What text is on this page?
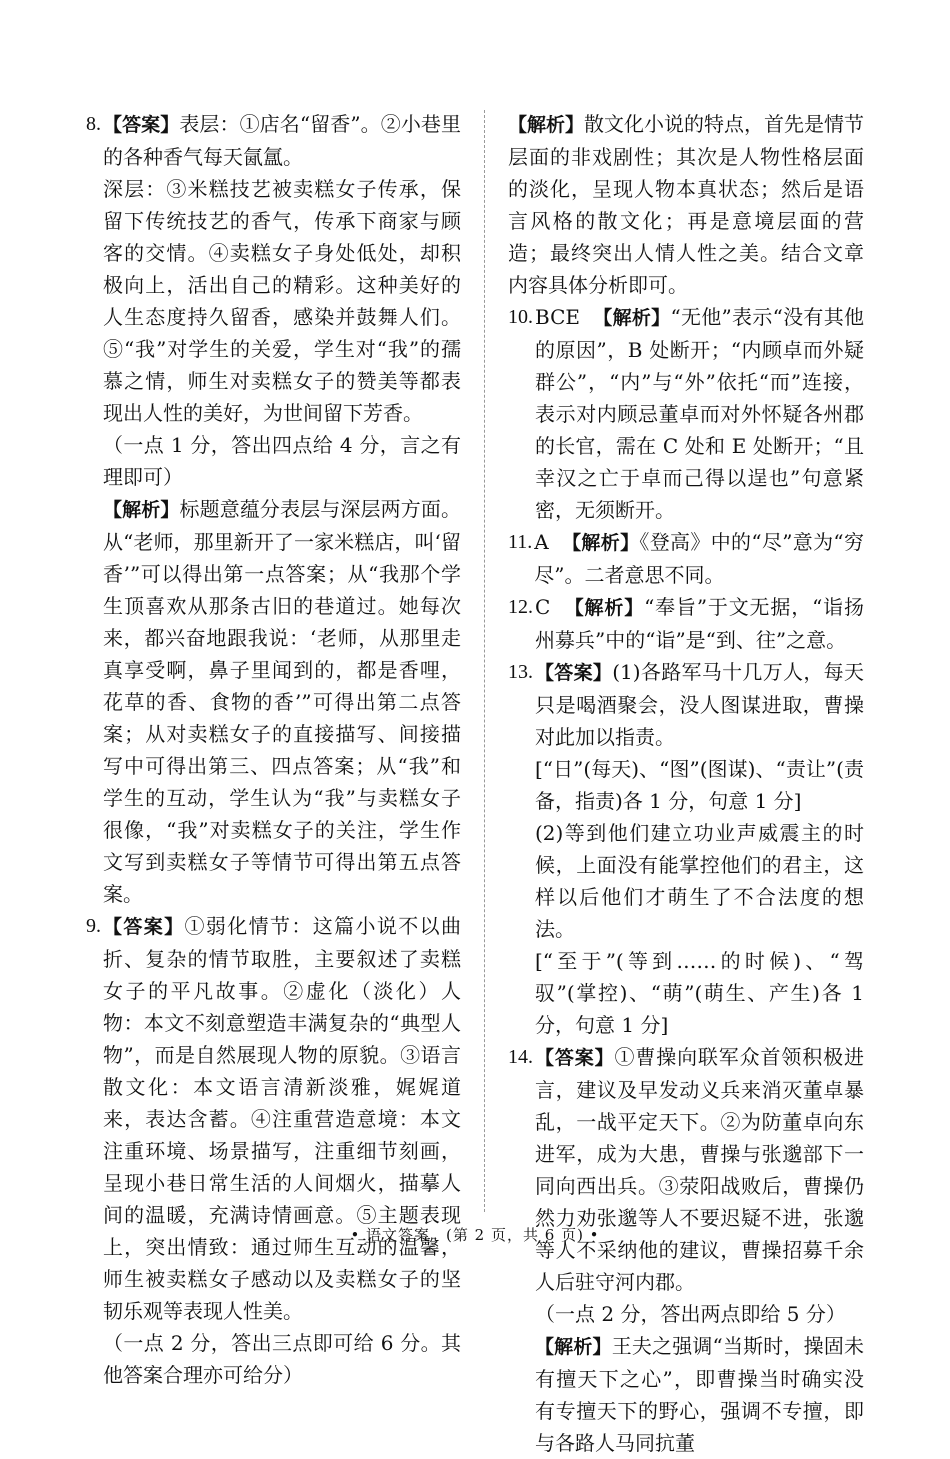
8. 【答案】表层：①店名“留香”。②小巷里的各种香气每天氤氲。

深层：③米糕技艺被卖糕女子传承，保留下传统技艺的香气，传承下商家与顾客的交情。④卖糕女子身处低处，却积极向上，活出自己的精彩。这种美好的人生态度持久留香，感染并鼓舞人们。⑤“我”对学生的关爱，学生对“我”的孺慕之情，师生对卖糕女子的赞美等都表现出人性的美好，为世间留下芳香。

（一点 1 分，答出四点给 4 分，言之有理即可）

【解析】标题意蕴分表层与深层两方面。从“老师，那里新开了一家米糕店，叫‘留香’”可以得出第一点答案；从“我那个学生顶喜欢从那条古旧的巷道过。她每次来，都兴奋地跟我说：‘老师，从那里走真享受啊，鼻子里闻到的，都是香哩，花草的香、食物的香’”可得出第二点答案；从对卖糕女子的直接描写、间接描写中可得出第三、四点答案；从“我”和学生的互动，学生认为“我”与卖糕女子很像，“我”对卖糕女子的关注，学生作文写到卖糕女子等情节可得出第五点答案。

9. 【答案】①弱化情节：这篇小说不以曲折、复杂的情节取胜，主要叙述了卖糕女子的平凡故事。②虚化（淡化）人物：本文不刻意塑造丰满复杂的“典型人物”，而是自然展现人物的原貌。③语言散文化：本文语言清新淡雅，娓娓道来，表达含蓄。④注重营造意境：本文注重环境、场景描写，注重细节刻画，呈现小巷日常生活的人间烟火，描摹人间的温暖，充满诗情画意。⑤主题表现上，突出情致：通过师生互动的温馨，师生被卖糕女子感动以及卖糕女子的坚韧乐观等表现人性美。

（一点 2 分，答出三点即可给 6 分。其他答案合理亦可给分）

【解析】散文化小说的特点，首先是情节层面的非戏剧性；其次是人物性格层面的淡化，呈现人物本真状态；然后是语言风格的散文化；再是意境层面的营造；最终突出人情人性之美。结合文章内容具体分析即可。

10. BCE 【解析】“无他”表示“没有其他的原因”，B 处断开；“内顾卓而外疑群公”，“内”与“外”依托“而”连接，表示对内顾忌董卓而对外怀疑各州郡的长官，需在 C 处和 E 处断开；“且幸汉之亡于卓而己得以逞也”句意紧密，无须断开。

11. A 【解析】《登高》中的“尽”意为“穷尽”。二者意思不同。

12. C 【解析】“奉旨”于文无据，“诣扬州募兵”中的“诣”是“到、往”之意。

13. 【答案】(1)各路军马十几万人，每天只是喝酒聚会，没人图谋进取，曹操对此加以指责。

[“日”(每天)、“图”(图谋)、“责让”(责备，指责)各 1 分，句意 1 分]

(2)等到他们建立功业声威震主的时候，上面没有能掌控他们的君主，这样以后他们才萌生了不合法度的想法。

[“至于”(等到……的时候)、“驾驭”(掌控)、“萌”(萌生、产生)各 1 分，句意 1 分]

14. 【答案】①曹操向联军众首领积极进言，建议及早发动义兵来消灭董卓暴乱，一战平定天下。②为防董卓向东进军，成为大患，曹操与张邈部下一同向西出兵。③荥阳战败后，曹操仍然力劝张邈等人不要迟疑不进，张邈等人不采纳他的建议，曹操招募千余人后驻守河内郡。

（一点 2 分，答出两点即给 5 分）

【解析】王夫之强调“当斯时，操固未有擅天下之心”，即曹操当时确实没有专擅天下的野心，强调不专擅，即与各路人马同抗董

• 语文答案　(第 2 页，共 6 页) •
